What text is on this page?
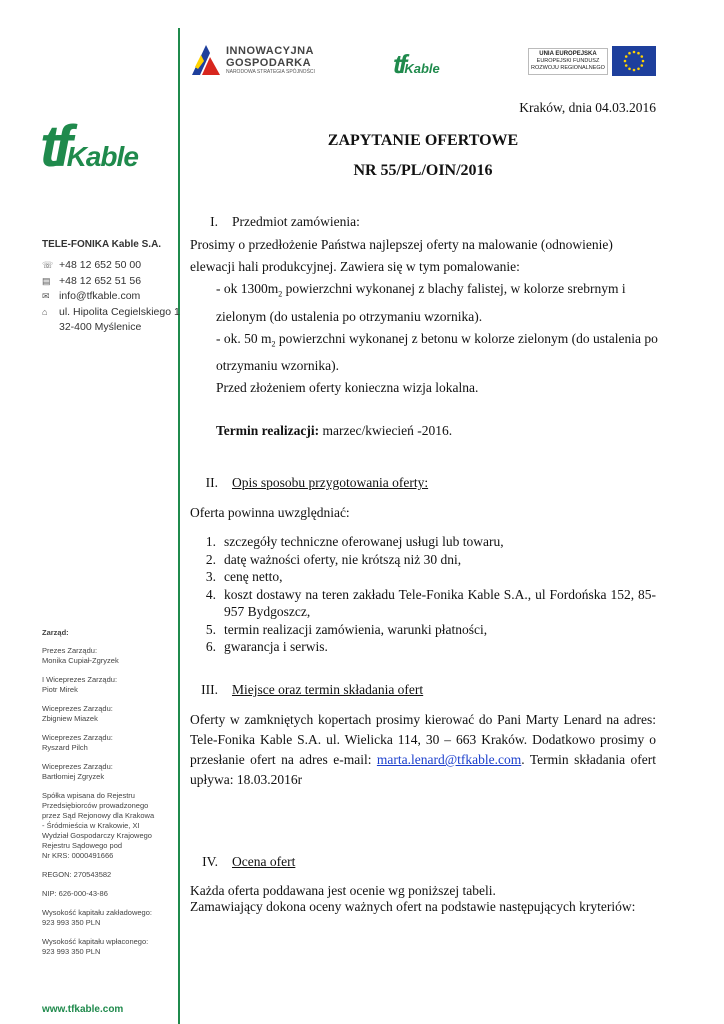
INNOWACYJNA
GOSPODARKA
NARODOWA STRATEGIA SPÓJNOŚCI	tfKable
UNIA EUROPEJSKA
EUROPEJSKI FUNDUSZ
ROZWOJU REGIONALNEGO
tfKable
TELE-FONIKA Kable S.A.
☏ +48 12 652 50 00
▤ +48 12 652 51 56
✉ info@tfkable.com
⌂	ul. Hipolita Cegielskiego 1
32-400 Myślenice
Zarząd:
Prezes Zarządu:
Monika Cupiał-Zgryzek
I Wiceprezes Zarządu:
Piotr Mirek
Wiceprezes Zarządu:
Zbigniew Miazek
Wiceprezes Zarządu:
Ryszard Pilch
Wiceprezes Zarządu:
Bartłomiej Zgryzek
Spółka wpisana do Rejestru
Przedsiębiorców prowadzonego
przez Sąd Rejonowy dla Krakowa
- Śródmieścia w Krakowie, XI
Wydział Gospodarczy Krajowego
Rejestru Sądowego pod
Nr KRS: 0000491666
REGON: 270543582
NIP: 626-000-43-86
Wysokość kapitału zakładowego:
923 993 350 PLN
Wysokość kapitału wpłaconego:
923 993 350 PLN
www.tfkable.com
Kraków, dnia 04.03.2016
ZAPYTANIE OFERTOWE
NR 55/PL/OIN/2016
I.	Przedmiot zamówienia:
Prosimy o przedłożenie Państwa najlepszej oferty na malowanie (odnowienie)
elewacji hali produkcyjnej. Zawiera się w tym pomalowanie:
- ok $1300m_2$ powierzchni wykonanej z blachy falistej, w kolorze srebrnym i
zielonym (do ustalenia po otrzymaniu wzornika).
- ok. 50 $m_2$ powierzchni wykonanej z betonu w kolorze zielonym (do ustalenia po
otrzymaniu wzornika).
Przed złożeniem oferty konieczna wizja lokalna.
Termin realizacji: marzec/kwiecień -2016.
II.	Opis sposobu przygotowania oferty:
Oferta powinna uwzględniać:
1. szczegóły techniczne oferowanej usługi lub towaru,
2. datę ważności oferty, nie krótszą niż 30 dni,
3. cenę netto,
4. koszt dostawy na teren zakładu Tele-Fonika Kable S.A., ul Fordońska 152, 85-957 Bydgoszcz,
5. termin realizacji zamówienia, warunki płatności,
6. gwarancja i serwis.
III.	Miejsce oraz termin składania ofert
Oferty w zamkniętych kopertach prosimy kierować do Pani Marty Lenard na adres: Tele-Fonika Kable S.A. ul. Wielicka 114, 30 – 663 Kraków. Dodatkowo prosimy o przesłanie ofert na adres e-mail: marta.lenard@tfkable.com. Termin składania ofert upływa: 18.03.2016r
IV.	Ocena ofert
Każda oferta poddawana jest ocenie wg poniższej tabeli.
Zamawiający dokona oceny ważnych ofert na podstawie następujących kryteriów:
